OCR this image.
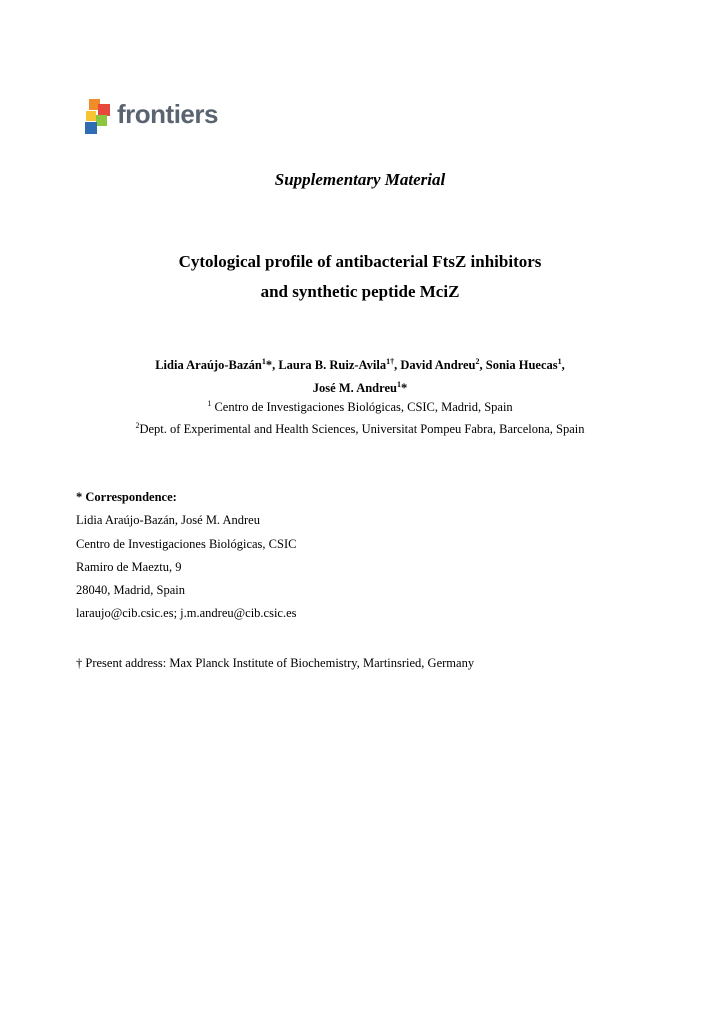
frontiers
Supplementary Material
Cytological profile of antibacterial FtsZ inhibitors
and synthetic peptide MciZ
Lidia Araújo-Bazán$^1$*, Laura B. Ruiz-Avila$^{1\dagger}$, David Andreu$^2$, Sonia Huecas$^1$,
José M. Andreu$^1$*
$^1$ Centro de Investigaciones Biológicas, CSIC, Madrid, Spain
$^2$Dept. of Experimental and Health Sciences, Universitat Pompeu Fabra, Barcelona, Spain
* Correspondence:
Lidia Araújo-Bazán, José M. Andreu
Centro de Investigaciones Biológicas, CSIC
Ramiro de Maeztu, 9
28040, Madrid, Spain
laraujo@cib.csic.es; j.m.andreu@cib.csic.es
† Present address: Max Planck Institute of Biochemistry, Martinsried, Germany
